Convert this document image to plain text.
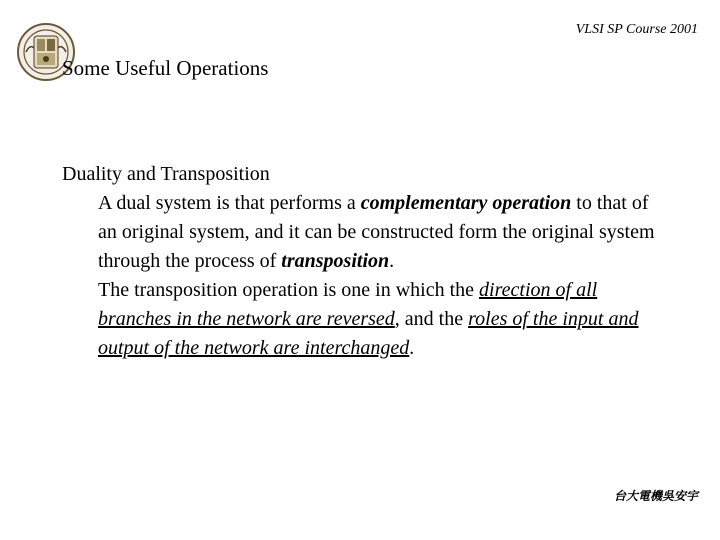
VLSI SP Course 2001
Some Useful Operations
Duality and Transposition
A dual system is that performs a complementary operation to that of an original system, and it can be constructed form the original system through the process of transposition.
The transposition operation is one in which the direction of all branches in the network are reversed, and the roles of the input and output of the network are interchanged.
台大電機吳安宇
